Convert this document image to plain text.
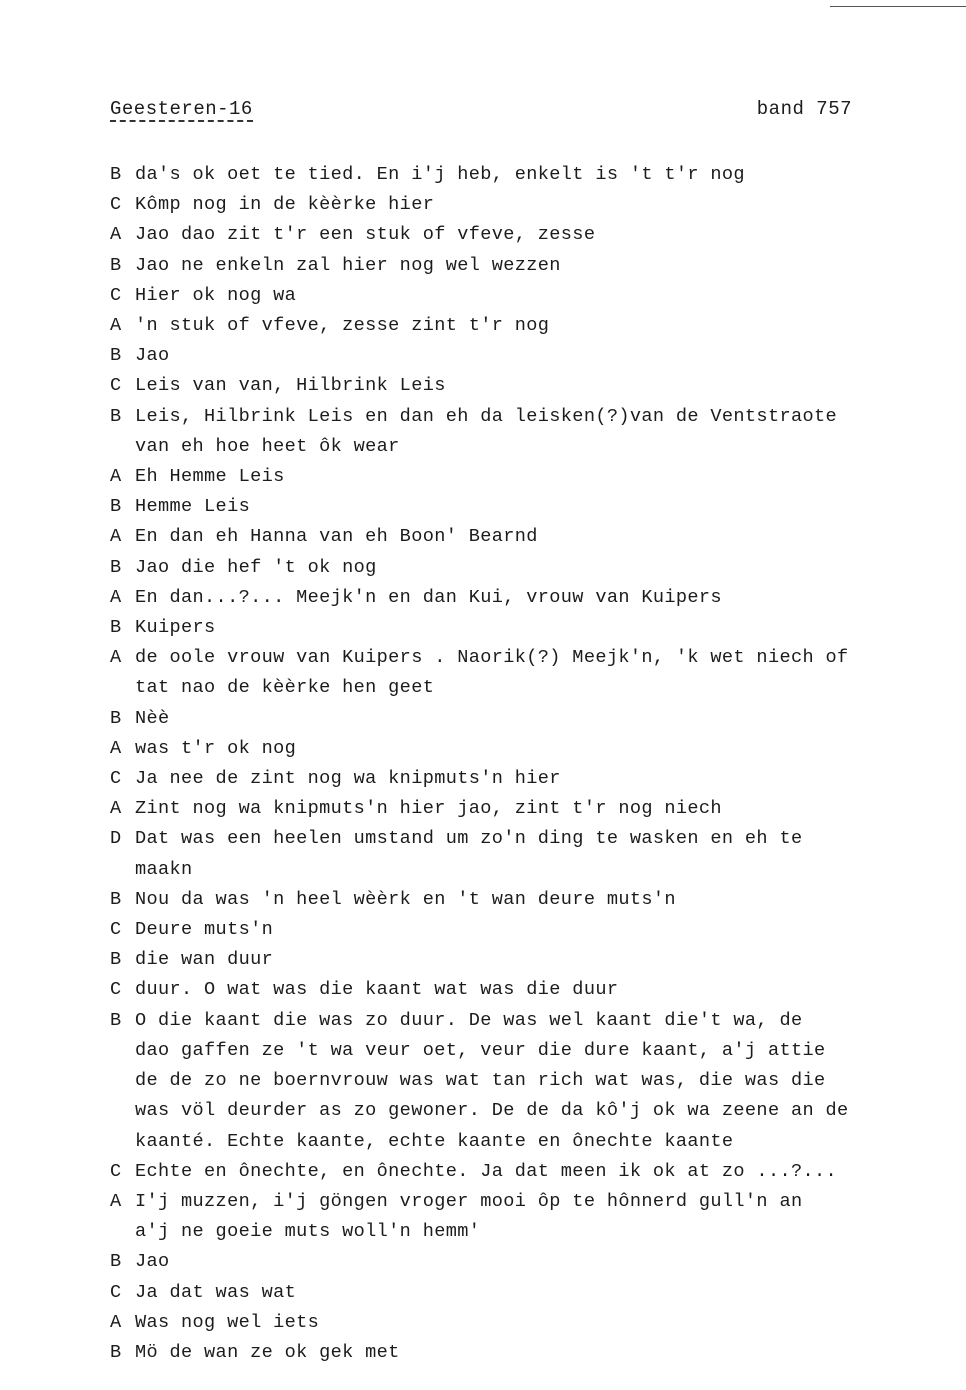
Geesteren-16	band 757
B da's ok oet te tied. En i'j heb, enkelt is 't t'r nog
C Kômp nog in de kèèrke hier
A Jao dao zit t'r een stuk of vfeve, zesse
B Jao ne enkeln zal hier nog wel wezzen
C Hier ok nog wa
A 'n stuk of vfeve, zesse zint t'r nog
B Jao
C Leis van van, Hilbrink Leis
B Leis, Hilbrink Leis en dan eh da leisken(?)van de Ventstraote
van eh hoe heet ôk wear
A Eh Hemme Leis
B Hemme Leis
A En dan eh Hanna van eh Boon' Bearnd
B Jao die hef 't ok nog
A En dan...?... Meejk'n en dan Kui, vrouw van Kuipers
B Kuipers
A de oole vrouw van Kuipers . Naorik(?) Meejk'n, 'k wet niech of
tat nao de kèèrke hen geet
B Nèè
A was t'r ok nog
C Ja nee de zint nog wa knipmuts'n hier
A Zint nog wa knipmuts'n hier jao, zint t'r nog niech
D Dat was een heelen umstand um zo'n ding te wasken en eh te
maakn
B Nou da was 'n heel wèèrk en 't wan deure muts'n
C Deure muts'n
B die wan duur
C duur. O wat was die kaant wat was die duur
B O die kaant die was zo duur. De was wel kaant die't wa, de
dao gaffen ze 't wa veur oet, veur die dure kaant, a'j attie
de de zo ne boernvrouw was wat tan rich wat was, die was die
was völ deurder as zo gewoner. De de da kô'j ok wa zeene an de
kaanté. Echte kaante, echte kaante en ônechte kaante
C Echte en ônechte, en ônechte. Ja dat meen ik ok at zo ...?...
A I'j muzzen, i'j göngen vroger mooi ôp te hônnerd gull'n an
a'j ne goeie muts woll'n hemm'
B Jao
C Ja dat was wat
A Was nog wel iets
B Mö de wan ze ok gek met
